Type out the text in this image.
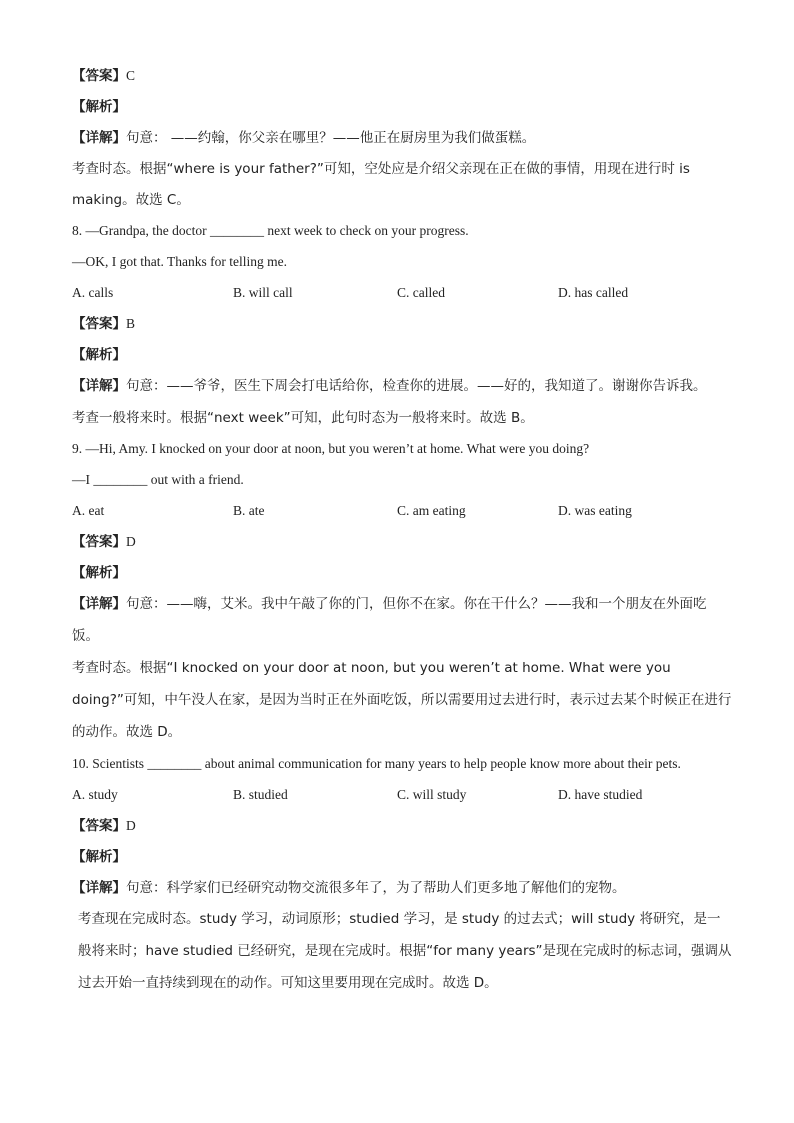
【答案】C
【解析】
【详解】句意： ——约翰，你父亲在哪里？——他正在厨房里为我们做蛋糕。
考查时态。根据“where is your father?”可知，空处应是介绍父亲现在正在做的事情，用现在进行时 is
making。故选 C。
8. —Grandpa, the doctor ________ next week to check on your progress.
—OK, I got that. Thanks for telling me.
A. calls	B. will call	C. called	D. has called
【答案】B
【解析】
【详解】句意：——爷爷，医生下周会打电话给你，检查你的进展。——好的，我知道了。谢谢你告诉我。
考查一般将来时。根据“next week”可知，此句时态为一般将来时。故选 B。
9. —Hi, Amy. I knocked on your door at noon, but you weren’t at home. What were you doing?
—I ________ out with a friend.
A. eat	B. ate	C. am eating	D. was eating
【答案】D
【解析】
【详解】句意：——嗨，艾米。我中午敲了你的门，但你不在家。你在干什么？——我和一个朋友在外面吃饭。
考查时态。根据“I knocked on your door at noon, but you weren’t at home. What were you doing?”可知，中午没人在家，是因为当时正在外面吃饭，所以需要用过去进行时，表示过去某个时候正在进行的动作。故选 D。
10. Scientists ________ about animal communication for many years to help people know more about their pets.
A. study	B. studied	C. will study	D. have studied
【答案】D
【解析】
【详解】句意：科学家们已经研究动物交流很多年了，为了帮助人们更多地了解他们的宠物。
考查现在完成时态。study 学习，动词原形；studied 学习，是 study 的过去式；will study 将研究，是一般将来时；have studied 已经研究，是现在完成时。根据“for many years”是现在完成时的标志词，强调从过去开始一直持续到现在的动作。可知这里要用现在完成时。故选 D。
